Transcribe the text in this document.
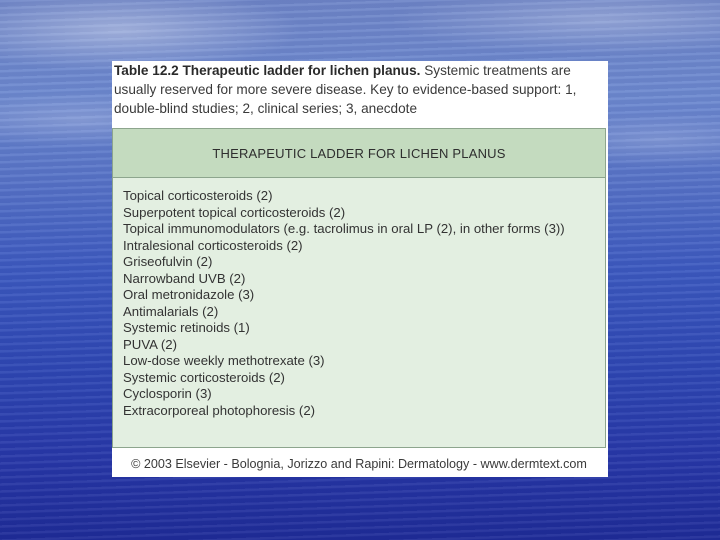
Table 12.2 Therapeutic ladder for lichen planus. Systemic treatments are usually reserved for more severe disease. Key to evidence-based support: 1, double-blind studies; 2, clinical series; 3, anecdote
THERAPEUTIC LADDER FOR LICHEN PLANUS
Topical corticosteroids (2)
Superpotent topical corticosteroids (2)
Topical immunomodulators (e.g. tacrolimus in oral LP (2), in other forms (3))
Intralesional corticosteroids (2)
Griseofulvin (2)
Narrowband UVB (2)
Oral metronidazole (3)
Antimalarials (2)
Systemic retinoids (1)
PUVA (2)
Low-dose weekly methotrexate (3)
Systemic corticosteroids (2)
Cyclosporin (3)
Extracorporeal photophoresis (2)
© 2003 Elsevier - Bolognia, Jorizzo and Rapini: Dermatology - www.dermtext.com
